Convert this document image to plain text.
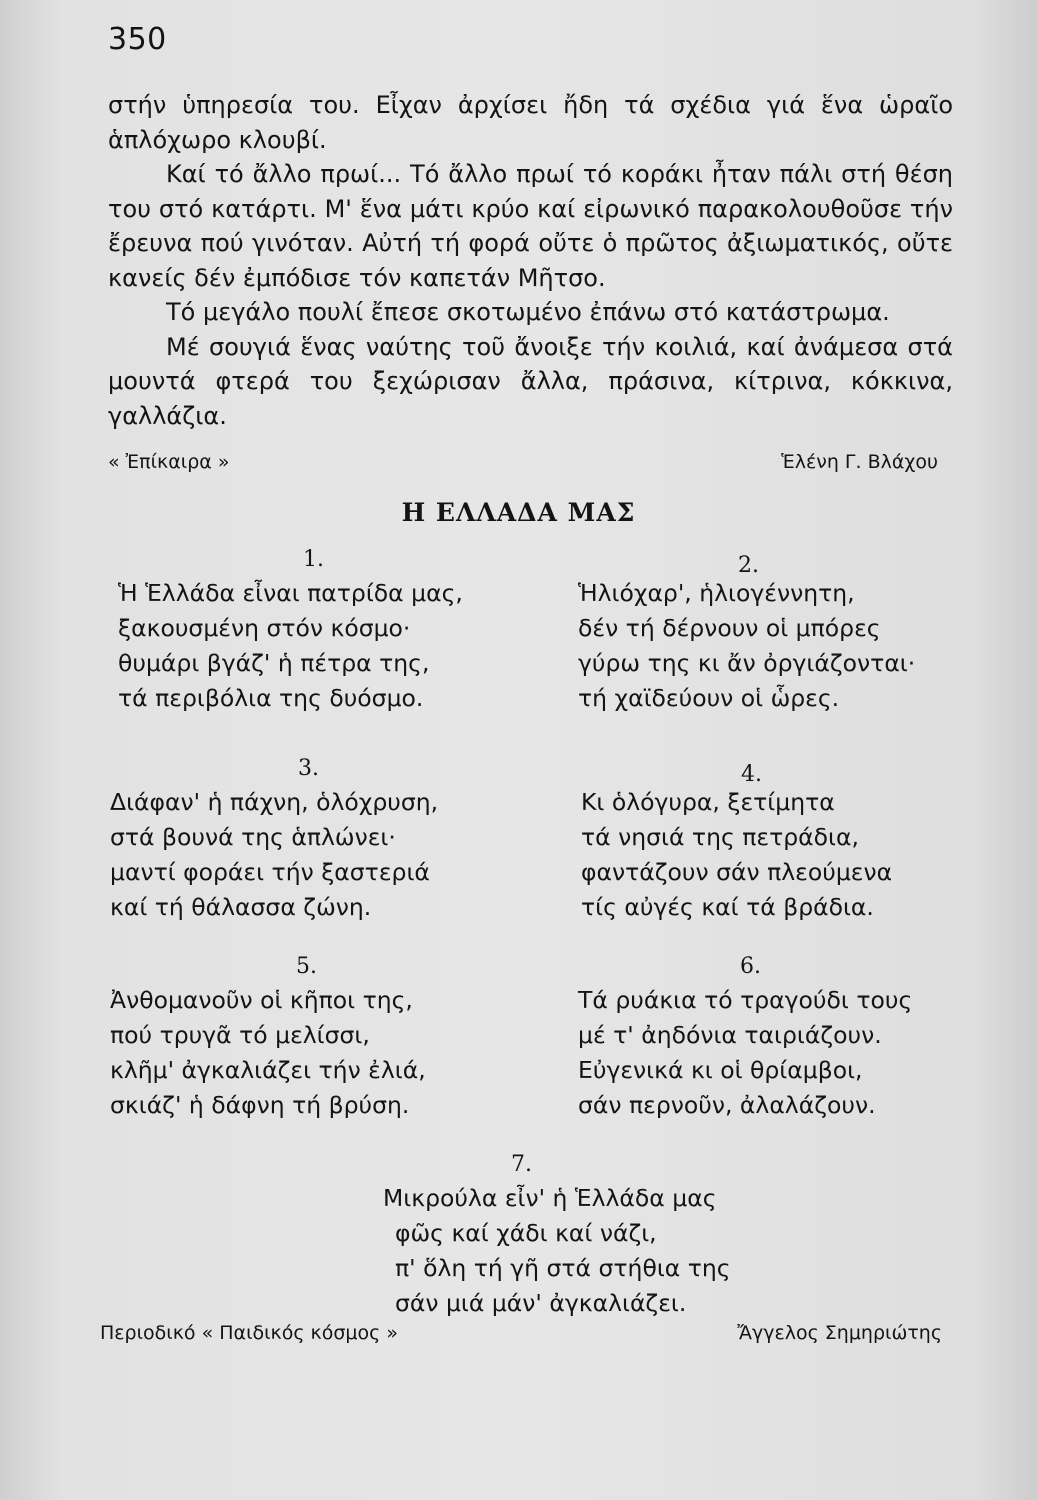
350

στήν ὑπηρεσία του. Εἶχαν ἀρχίσει ἤδη τά σχέδια γιά ἕνα ὡραῖο ἁπλόχωρο κλουβί.

Καί τό ἄλλο πρωί... Τό ἄλλο πρωί τό κοράκι ἦταν πάλι στή θέση του στό κατάρτι. Μ' ἕνα μάτι κρύο καί εἰρωνικό παρακολουθοῦσε τήν ἔρευνα πού γινόταν. Αὐτή τή φορά οὔτε ὁ πρῶτος ἀξιωματικός, οὔτε κανείς δέν ἐμπόδισε τόν καπετάν Μῆτσο.

Τό μεγάλο πουλί ἔπεσε σκοτωμένο ἐπάνω στό κατάστρωμα.

Μέ σουγιά ἕνας ναύτης τοῦ ἄνοιξε τήν κοιλιά, καί ἀνάμεσα στά μουντά φτερά του ξεχώρισαν ἄλλα, πράσινα, κίτρινα, κόκκινα, γαλλάζια.

« Ἐπίκαιρα »	Ἑλένη Γ. Βλάχου
Η ΕΛΛΑΔΑ ΜΑΣ
1.
Ἡ Ἑλλάδα εἶναι πατρίδα μας,
ξακουσμένη στόν κόσμο·
θυμάρι βγάζ' ἡ πέτρα της,
τά περιβόλια της δυόσμο.
2.
Ἡλιόχαρ', ἡλιογέννητη,
δέν τή δέρνουν οἱ μπόρες
γύρω της κι ἄν ὀργιάζονται·
τή χαϊδεύουν οἱ ὧρες.
3.
Διάφαν' ἡ πάχνη, ὁλόχρυση,
στά βουνά της ἁπλώνει·
μαντί φοράει τήν ξαστεριά
καί τή θάλασσα ζώνη.
4.
Κι ὁλόγυρα, ξετίμητα
τά νησιά της πετράδια,
φαντάζουν σάν πλεούμενα
τίς αὐγές καί τά βράδια.
5.
Ἀνθομανοῦν οἱ κῆποι της,
πού τρυγᾶ τό μελίσσι,
κλῆμ' ἀγκαλιάζει τήν ἐλιά,
σκιάζ' ἡ δάφνη τή βρύση.
6.
Τά ρυάκια τό τραγούδι τους
μέ τ' ἀηδόνια ταιριάζουν.
Εὐγενικά κι οἱ θρίαμβοι,
σάν περνοῦν, ἀλαλάζουν.
7.
Μικρούλα εἶν' ἡ Ἑλλάδα μας
φῶς καί χάδι καί νάζι,
π' ὅλη τή γῆ στά στήθια της
σάν μιά μάν' ἀγκαλιάζει.
Περιοδικό « Παιδικός κόσμος »	Ἄγγελος Σημηριώτης
